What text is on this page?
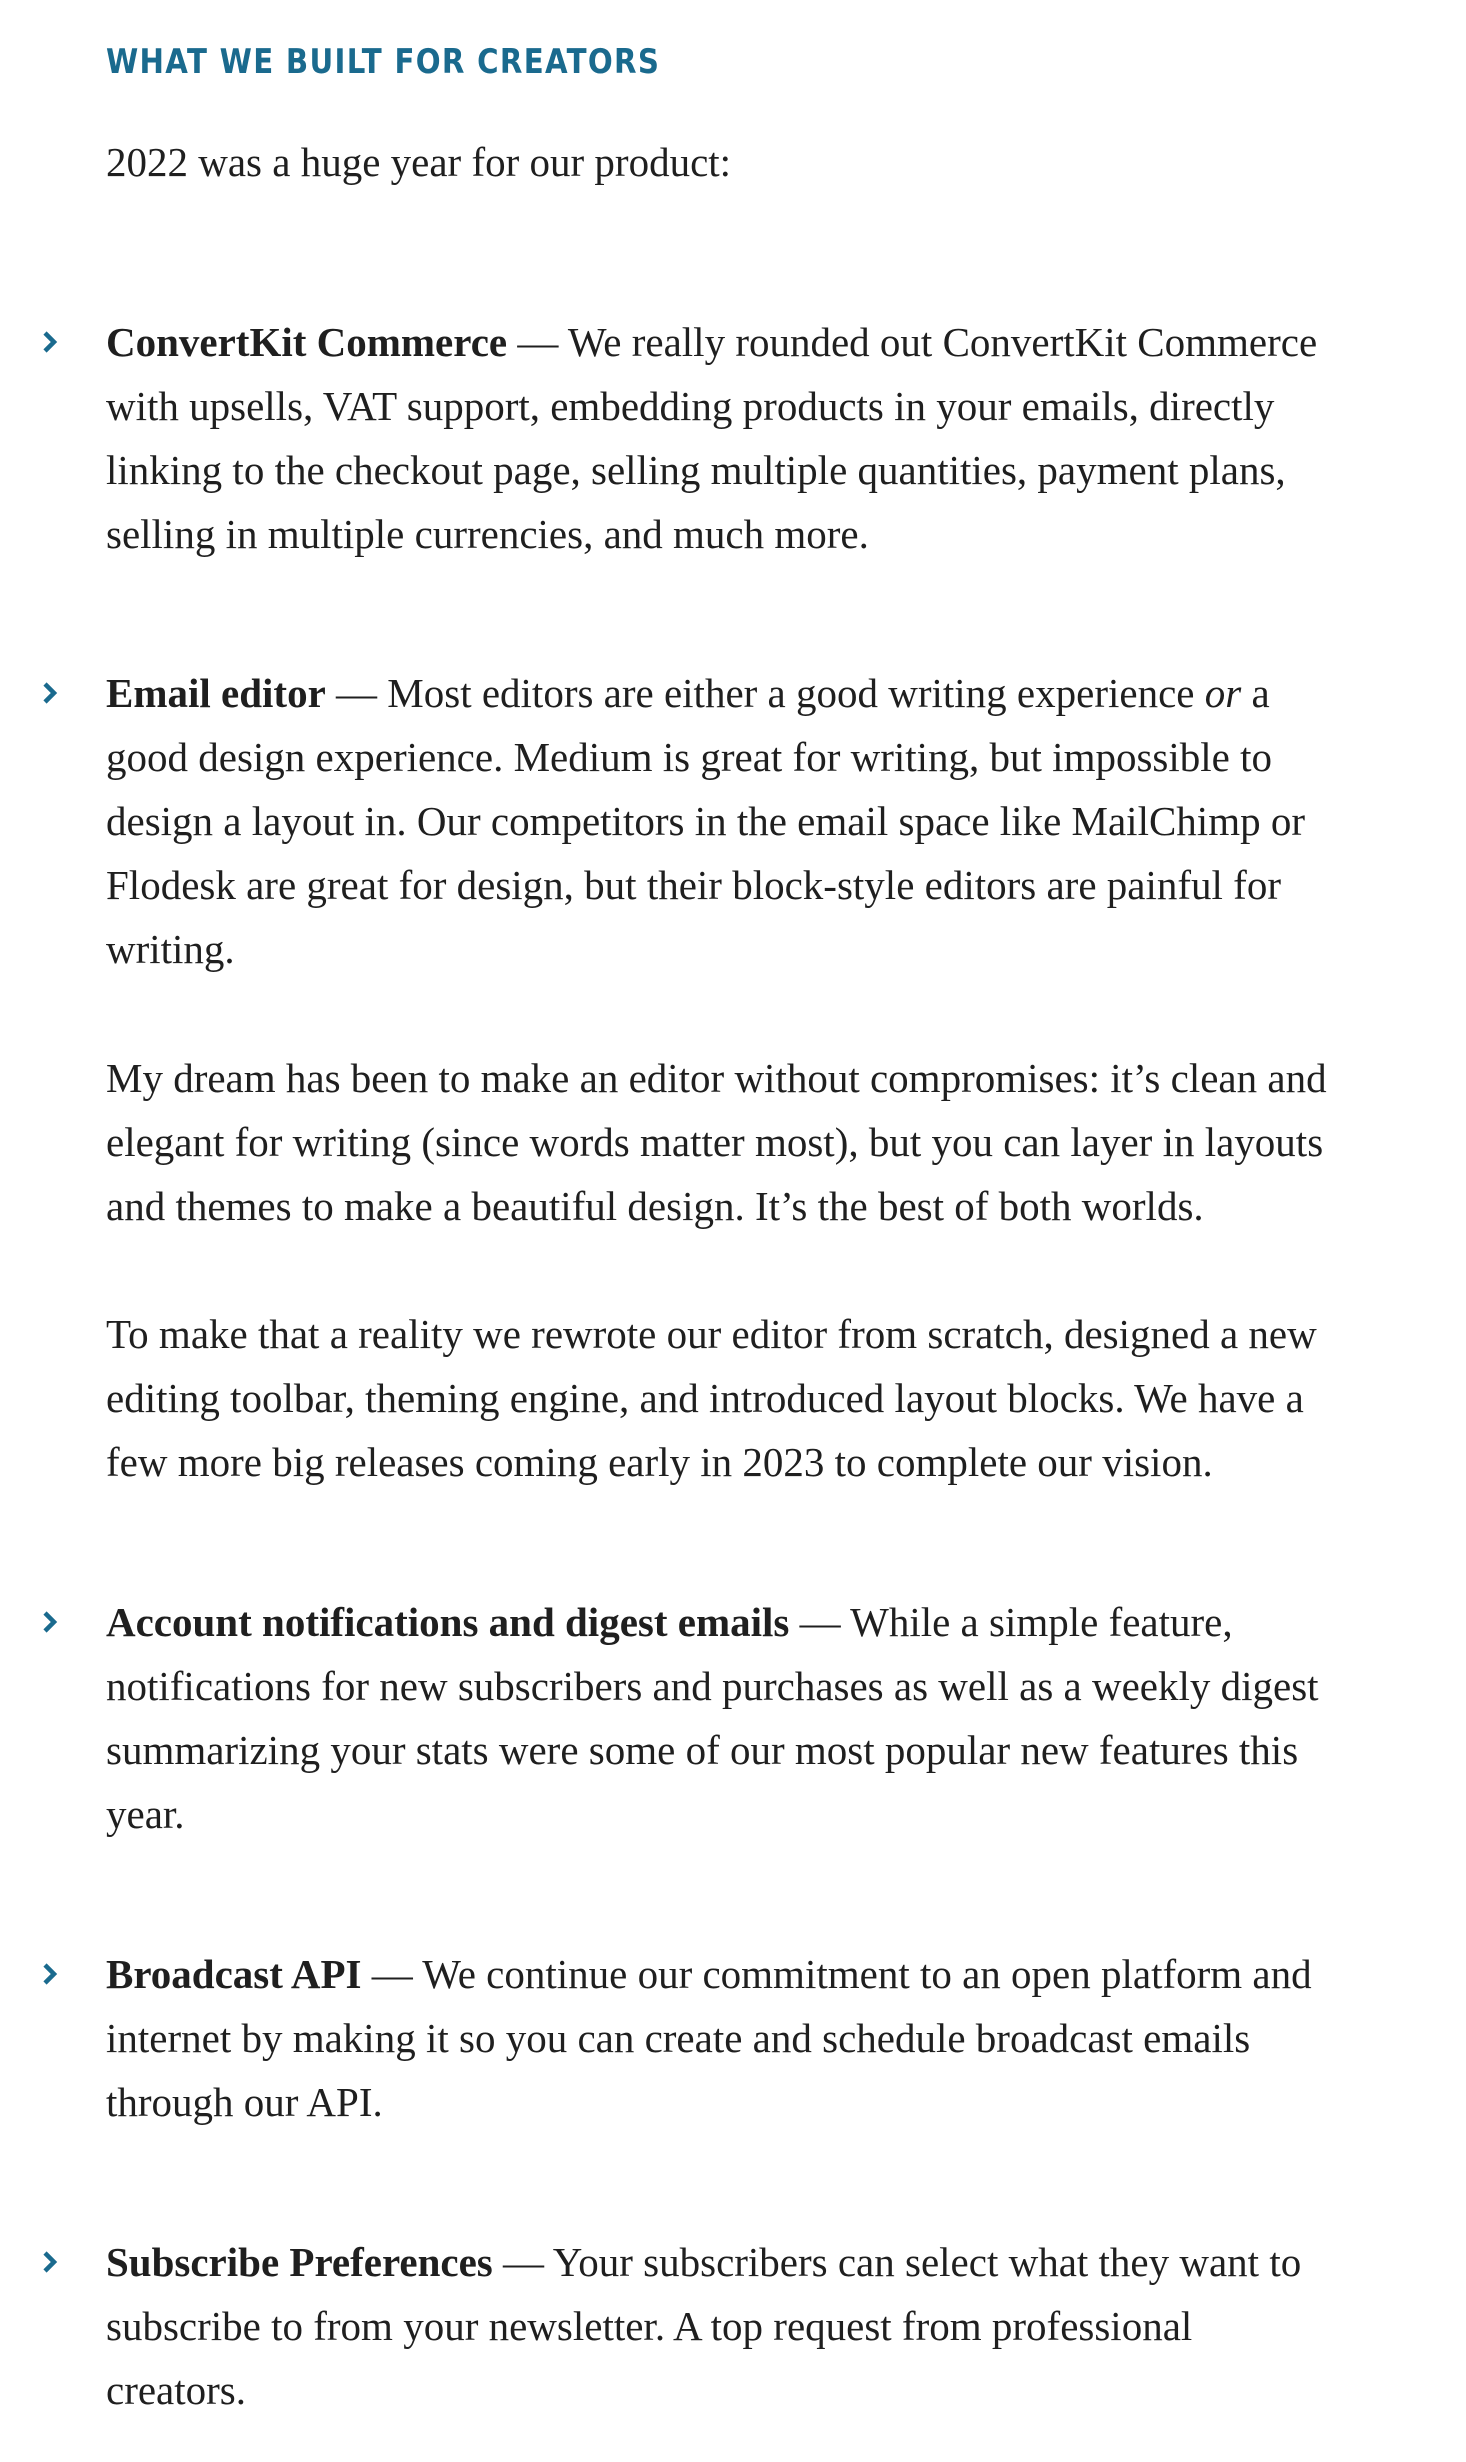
WHAT WE BUILT FOR CREATORS

2022 was a huge year for our product:

ConvertKit Commerce — We really rounded out ConvertKit Commerce
with upsells, VAT support, embedding products in your emails, directly
linking to the checkout page, selling multiple quantities, payment plans,
selling in multiple currencies, and much more.

Email editor — Most editors are either a good writing experience or a
good design experience. Medium is great for writing, but impossible to
design a layout in. Our competitors in the email space like MailChimp or
Flodesk are great for design, but their block-style editors are painful for
writing.

My dream has been to make an editor without compromises: it’s clean and
elegant for writing (since words matter most), but you can layer in layouts
and themes to make a beautiful design. It’s the best of both worlds.

To make that a reality we rewrote our editor from scratch, designed a new
editing toolbar, theming engine, and introduced layout blocks. We have a
few more big releases coming early in 2023 to complete our vision.

Account notifications and digest emails — While a simple feature,
notifications for new subscribers and purchases as well as a weekly digest
summarizing your stats were some of our most popular new features this
year.

Broadcast API — We continue our commitment to an open platform and
internet by making it so you can create and schedule broadcast emails
through our API.

Subscribe Preferences — Your subscribers can select what they want to
subscribe to from your newsletter. A top request from professional
creators.
